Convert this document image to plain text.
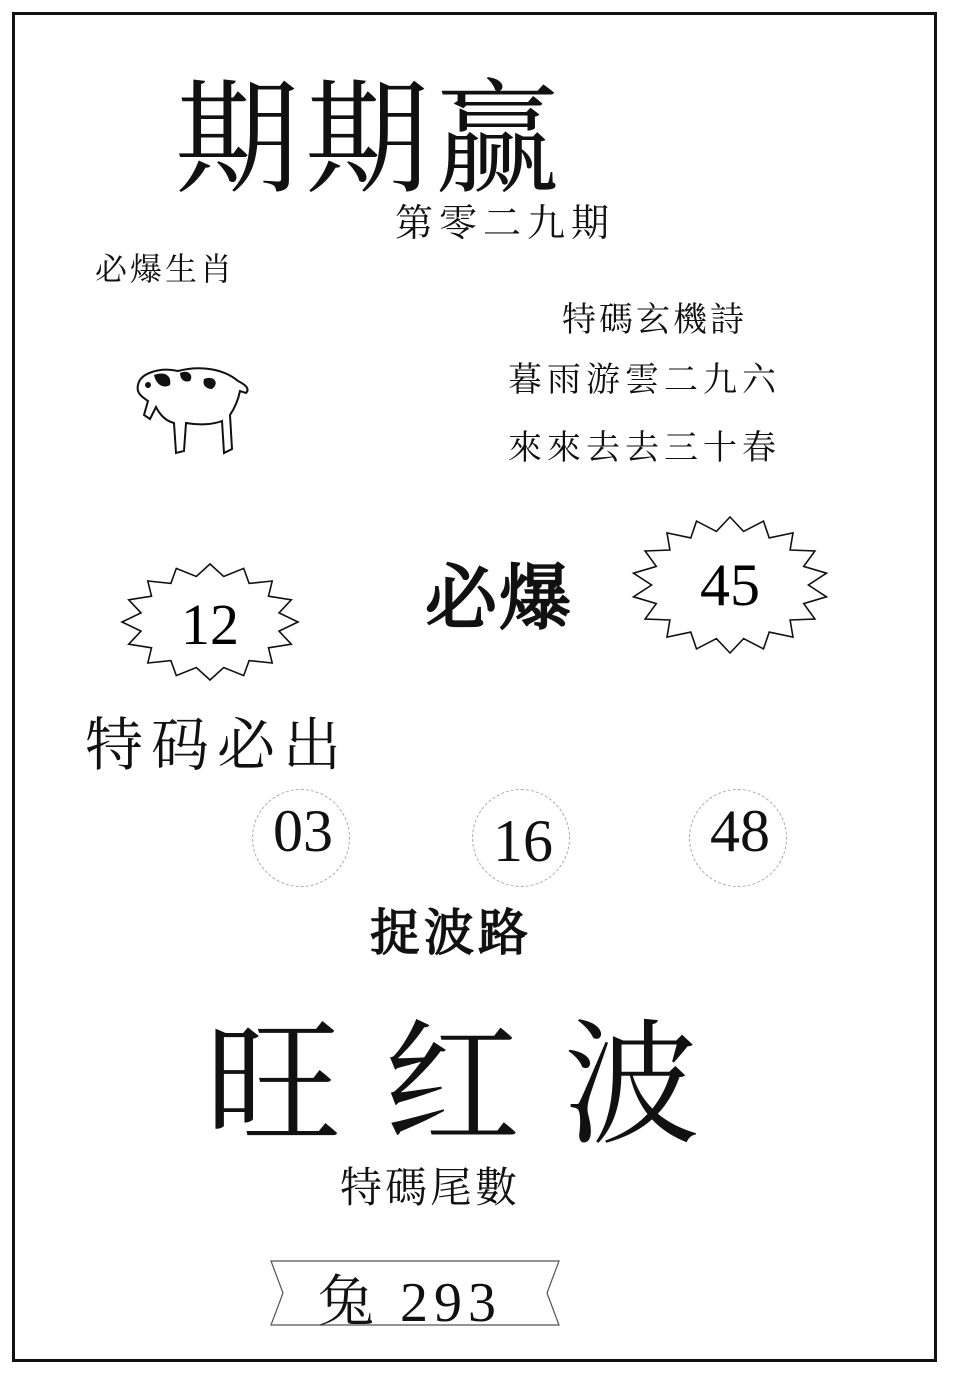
期期赢
第零二九期
必爆生肖
特碼玄機詩
暮雨游雲二九六
來來去去三十春
12	必爆 45
特码必出
03	16	48
捉波路
旺 红 波
特碼尾數
兔 293
